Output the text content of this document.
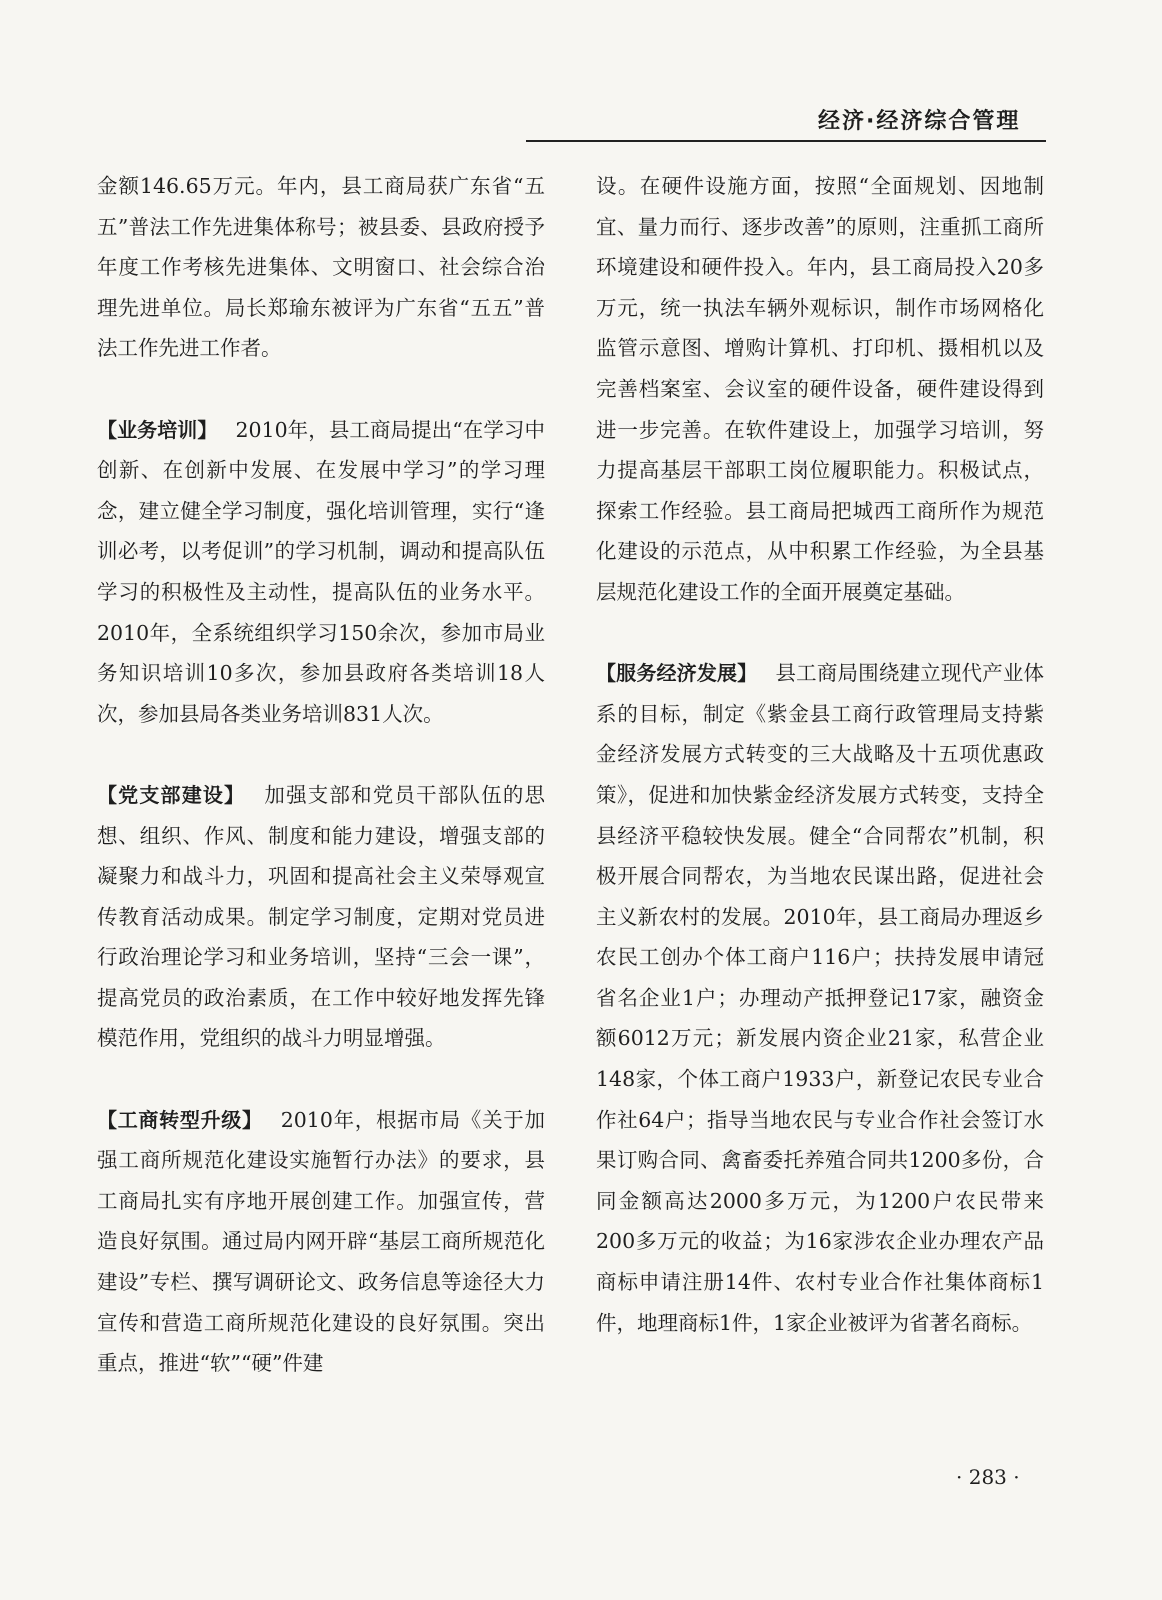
经济·经济综合管理

金额146.65万元。年内，县工商局获广东省“五五”普法工作先进集体称号；被县委、县政府授予年度工作考核先进集体、文明窗口、社会综合治理先进单位。局长郑瑜东被评为广东省“五五”普法工作先进工作者。

【业务培训】 2010年，县工商局提出“在学习中创新、在创新中发展、在发展中学习”的学习理念，建立健全学习制度，强化培训管理，实行“逢训必考，以考促训”的学习机制，调动和提高队伍学习的积极性及主动性，提高队伍的业务水平。2010年，全系统组织学习150余次，参加市局业务知识培训10多次，参加县政府各类培训18人次，参加县局各类业务培训831人次。

【党支部建设】 加强支部和党员干部队伍的思想、组织、作风、制度和能力建设，增强支部的凝聚力和战斗力，巩固和提高社会主义荣辱观宣传教育活动成果。制定学习制度，定期对党员进行政治理论学习和业务培训，坚持“三会一课”，提高党员的政治素质，在工作中较好地发挥先锋模范作用，党组织的战斗力明显增强。

【工商转型升级】 2010年，根据市局《关于加强工商所规范化建设实施暂行办法》的要求，县工商局扎实有序地开展创建工作。加强宣传，营造良好氛围。通过局内网开辟“基层工商所规范化建设”专栏、撰写调研论文、政务信息等途径大力宣传和营造工商所规范化建设的良好氛围。突出重点，推进“软”“硬”件建

设。在硬件设施方面，按照“全面规划、因地制宜、量力而行、逐步改善”的原则，注重抓工商所环境建设和硬件投入。年内，县工商局投入20多万元，统一执法车辆外观标识，制作市场网格化监管示意图、增购计算机、打印机、摄相机以及完善档案室、会议室的硬件设备，硬件建设得到进一步完善。在软件建设上，加强学习培训，努力提高基层干部职工岗位履职能力。积极试点，探索工作经验。县工商局把城西工商所作为规范化建设的示范点，从中积累工作经验，为全县基层规范化建设工作的全面开展奠定基础。

【服务经济发展】 县工商局围绕建立现代产业体系的目标，制定《紫金县工商行政管理局支持紫金经济发展方式转变的三大战略及十五项优惠政策》，促进和加快紫金经济发展方式转变，支持全县经济平稳较快发展。健全“合同帮农”机制，积极开展合同帮农，为当地农民谋出路，促进社会主义新农村的发展。2010年，县工商局办理返乡农民工创办个体工商户116户；扶持发展申请冠省名企业1户；办理动产抵押登记17家，融资金额6012万元；新发展内资企业21家，私营企业148家，个体工商户1933户，新登记农民专业合作社64户；指导当地农民与专业合作社会签订水果订购合同、禽畜委托养殖合同共1200多份，合同金额高达2000多万元，为1200户农民带来200多万元的收益；为16家涉农企业办理农产品商标申请注册14件、农村专业合作社集体商标1件，地理商标1件，1家企业被评为省著名商标。

· 283 ·
